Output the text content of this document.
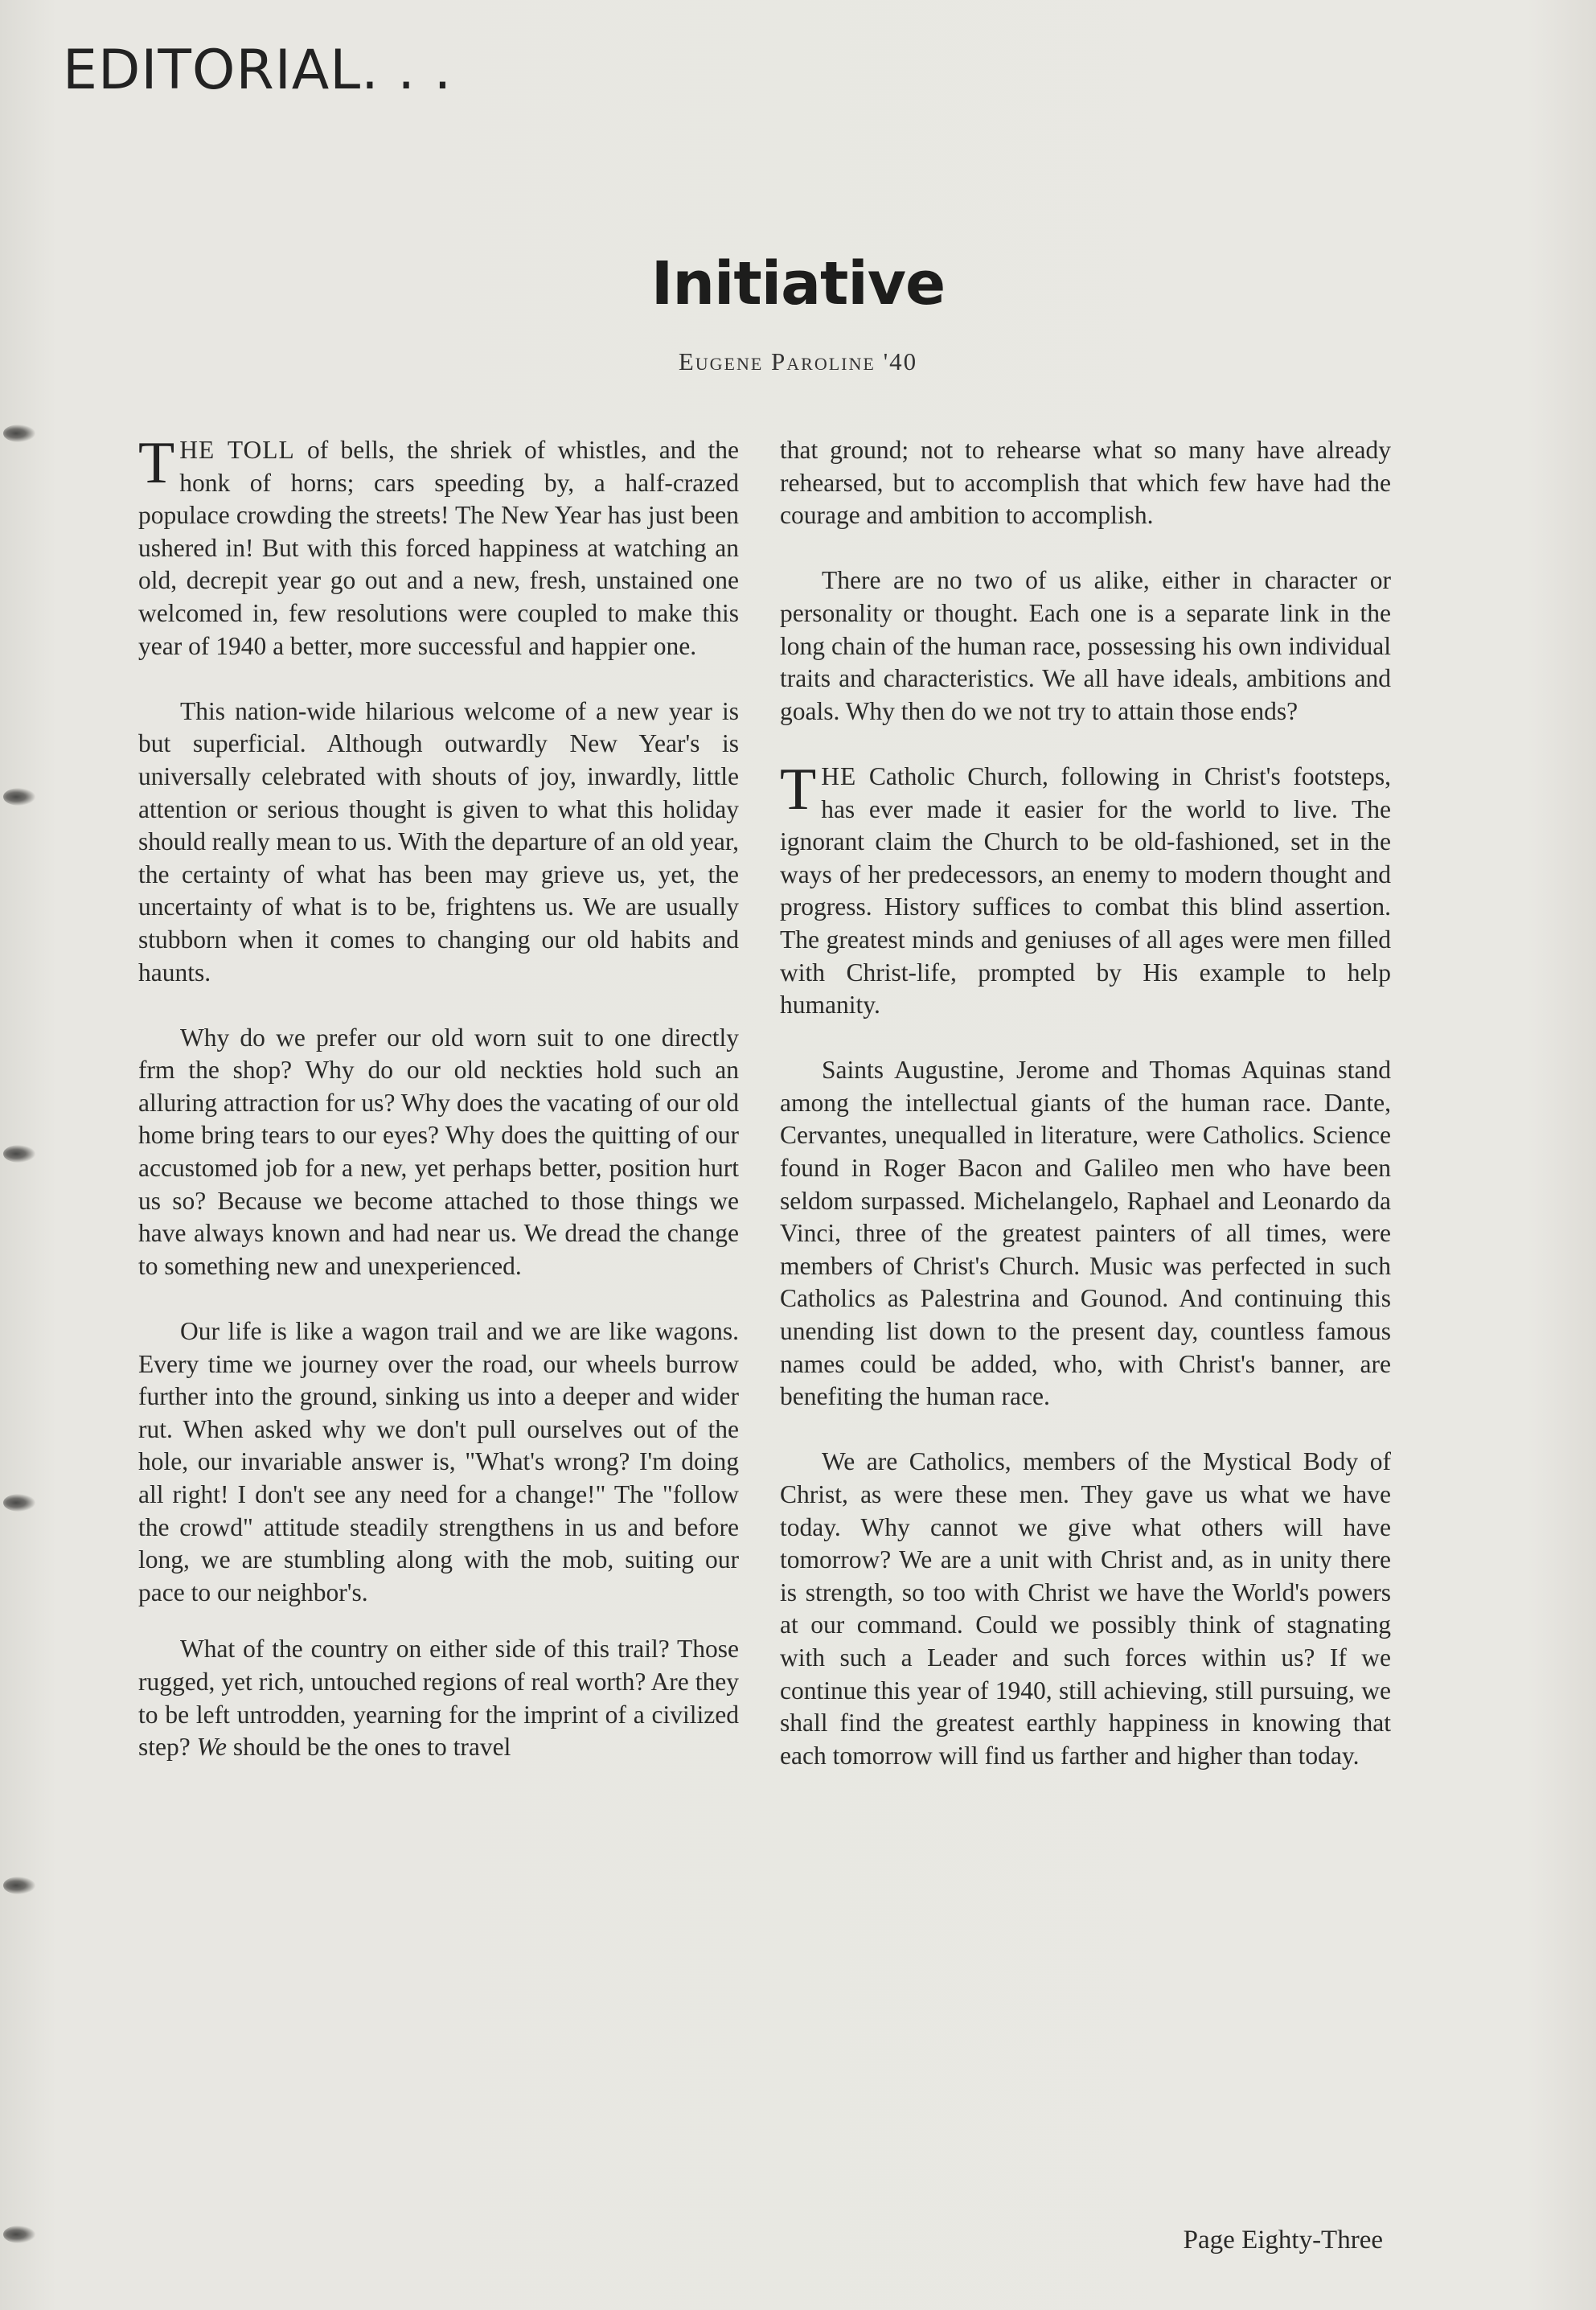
EDITORIAL. . .
Initiative
Eugene Paroline '40

THE TOLL of bells, the shriek of whistles, and the honk of horns; cars speeding by, a half-crazed populace crowding the streets! The New Year has just been ushered in! But with this forced happiness at watching an old, decrepit year go out and a new, fresh, unstained one welcomed in, few resolutions were coupled to make this year of 1940 a better, more successful and happier one.

This nation-wide hilarious welcome of a new year is but superficial. Although outwardly New Year's is universally celebrated with shouts of joy, inwardly, little attention or serious thought is given to what this holiday should really mean to us. With the departure of an old year, the certainty of what has been may grieve us, yet, the uncertainty of what is to be, frightens us. We are usually stubborn when it comes to changing our old habits and haunts.

Why do we prefer our old worn suit to one directly frm the shop? Why do our old neckties hold such an alluring attraction for us? Why does the vacating of our old home bring tears to our eyes? Why does the quitting of our accustomed job for a new, yet perhaps better, position hurt us so? Because we become attached to those things we have always known and had near us. We dread the change to something new and unexperienced.

Our life is like a wagon trail and we are like wagons. Every time we journey over the road, our wheels burrow further into the ground, sinking us into a deeper and wider rut. When asked why we don't pull ourselves out of the hole, our invariable answer is, "What's wrong? I'm doing all right! I don't see any need for a change!" The "follow the crowd" attitude steadily strengthens in us and before long, we are stumbling along with the mob, suiting our pace to our neighbor's.

What of the country on either side of this trail? Those rugged, yet rich, untouched regions of real worth? Are they to be left untrodden, yearning for the imprint of a civilized step? We should be the ones to travel

that ground; not to rehearse what so many have already rehearsed, but to accomplish that which few have had the courage and ambition to accomplish.

There are no two of us alike, either in character or personality or thought. Each one is a separate link in the long chain of the human race, possessing his own individual traits and characteristics. We all have ideals, ambitions and goals. Why then do we not try to attain those ends?

THE Catholic Church, following in Christ's footsteps, has ever made it easier for the world to live. The ignorant claim the Church to be old-fashioned, set in the ways of her predecessors, an enemy to modern thought and progress. History suffices to combat this blind assertion. The greatest minds and geniuses of all ages were men filled with Christ-life, prompted by His example to help humanity.

Saints Augustine, Jerome and Thomas Aquinas stand among the intellectual giants of the human race. Dante, Cervantes, unequalled in literature, were Catholics. Science found in Roger Bacon and Galileo men who have been seldom surpassed. Michelangelo, Raphael and Leonardo da Vinci, three of the greatest painters of all times, were members of Christ's Church. Music was perfected in such Catholics as Palestrina and Gounod. And continuing this unending list down to the present day, countless famous names could be added, who, with Christ's banner, are benefiting the human race.

We are Catholics, members of the Mystical Body of Christ, as were these men. They gave us what we have today. Why cannot we give what others will have tomorrow? We are a unit with Christ and, as in unity there is strength, so too with Christ we have the World's powers at our command. Could we possibly think of stagnating with such a Leader and such forces within us? If we continue this year of 1940, still achieving, still pursuing, we shall find the greatest earthly happiness in knowing that each tomorrow will find us farther and higher than today.

Page Eighty-Three
